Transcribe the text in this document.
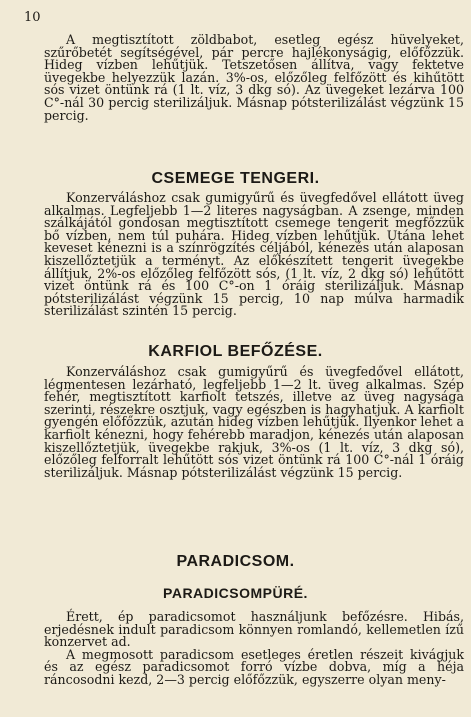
10

A megtisztított zöldbabot, esetleg egész hüvelyeket, szűrőbetét segítségével, pár percre hajlékonyságig, előfőzzük. Hideg vízben lehűtjük. Tetszetősen állítva, vagy fektetve üvegekbe helyezzük lazán. 3%-os, előzőleg felfőzött és kihűtött sós vizet öntünk rá (1 lt. víz, 3 dkg só). Az üvegeket lezárva 100 C°-nál 30 percig sterilizáljuk. Másnap pótsterilizálást végzünk 15 percig.

CSEMEGE TENGERI.

Konzerváláshoz csak gumigyűrű és üvegfedővel ellátott üveg alkalmas. Legfeljebb 1—2 literes nagyságban. A zsenge, minden szálkájától gondosan megtisztított csemege tengerit megfőzzük bő vízben, nem túl puhára. Hideg vízben lehűtjük. Utána lehet keveset kénezni is a színrögzítés céljából, kénezés után alaposan kiszellőztetjük a terményt. Az előkészített tengerit üvegekbe állítjuk, 2%-os előzőleg felfőzött sós, (1 lt. víz, 2 dkg só) lehűtött vizet öntünk rá és 100 C°-on 1 óráig sterilizáljuk. Másnap pótsterilizálást végzünk 15 percig, 10 nap múlva harmadik sterilizálást szintén 15 percig.

KARFIOL BEFŐZÉSE.

Konzerváláshoz csak gumigyűrű és üvegfedővel ellátott, légmentesen lezárható, legfeljebb 1—2 lt. üveg alkalmas. Szép fehér, megtisztított karfiolt tetszés, illetve az üveg nagysága szerinti, részekre osztjuk, vagy egészben is hagyhatjuk. A karfiolt gyengén előfőzzük, azután hideg vízben lehűtjük. Ilyenkor lehet a karfiolt kénezni, hogy fehérebb maradjon, kénezés után alaposan kiszellőztetjük, üvegekbe rakjuk, 3%-os (1 lt. víz, 3 dkg só), előzőleg felforralt lehűtött sós vizet öntünk rá 100 C°-nál 1 óráig sterilizáljuk. Másnap pótsterilizálást végzünk 15 percig.

PARADICSOM.
PARADICSOMPÜRÉ.

Érett, ép paradicsomot használjunk befőzésre. Hibás, erjedésnek indult paradicsom könnyen romlandó, kellemetlen ízű konzervet ad.

A megmosott paradicsom esetleges éretlen részeit kivágjuk és az egész paradicsomot forró vízbe dobva, míg a héja ráncosodni kezd, 2—3 percig előfőzzük, egyszerre olyan meny-
